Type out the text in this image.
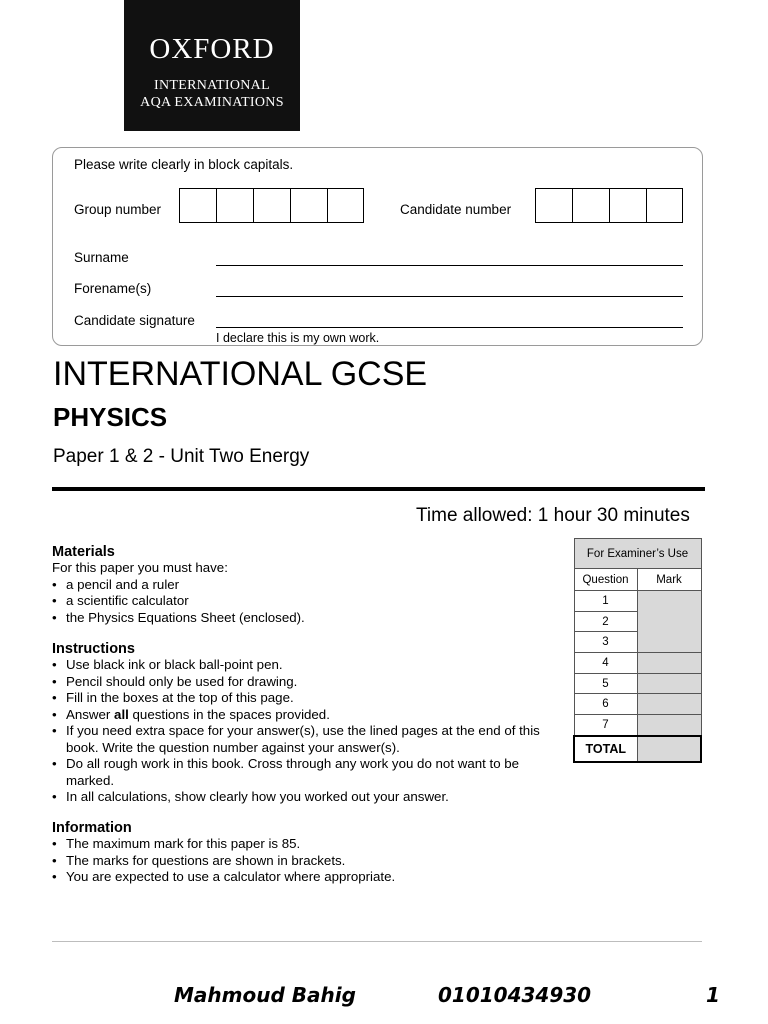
OXFORD
INTERNATIONAL
AQA EXAMINATIONS
Please write clearly in block capitals.
Group number	Candidate number
Surname
Forename(s)
Candidate signature
I declare this is my own work.
INTERNATIONAL GCSE
PHYSICS
Paper 1 & 2 - Unit Two Energy
Time allowed: 1 hour 30 minutes
Materials
For this paper you must have:
• a pencil and a ruler
• a scientific calculator
• the Physics Equations Sheet (enclosed).
Instructions
• Use black ink or black ball-point pen.
• Pencil should only be used for drawing.
• Fill in the boxes at the top of this page.
• Answer all questions in the spaces provided.
• If you need extra space for your answer(s), use the lined pages at the end of this book. Write the question number against your answer(s).
• Do all rough work in this book. Cross through any work you do not want to be marked.
• In all calculations, show clearly how you worked out your answer.
Information
• The maximum mark for this paper is 85.
• The marks for questions are shown in brackets.
• You are expected to use a calculator where appropriate.
For Examiner’s Use	
Question	Mark
1	
2	
3	
4	
5	
6	
7	
TOTAL	
Mahmoud Bahig	01010434930	1
